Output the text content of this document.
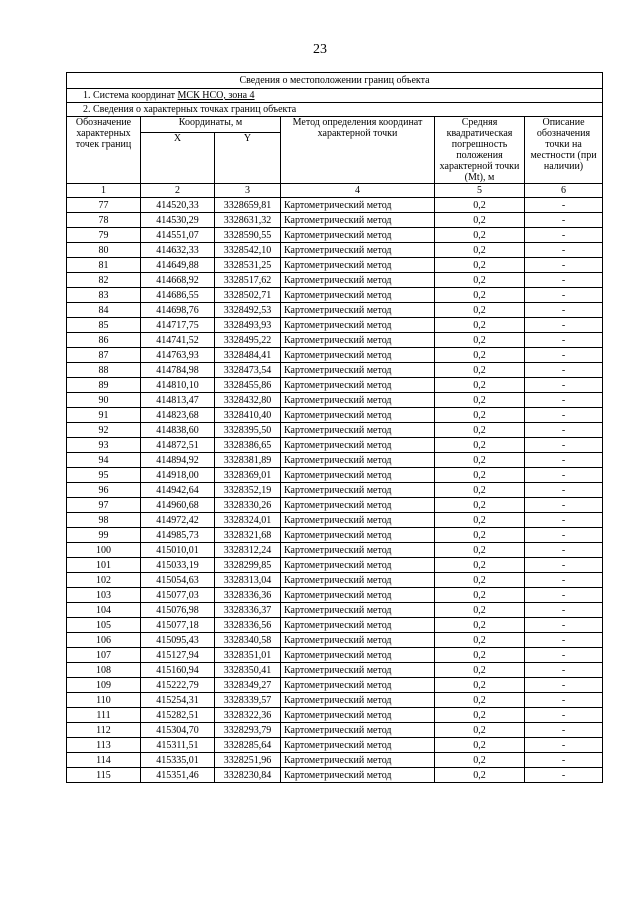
23
Сведения о местоположении границ объекта					
1. Система координат МСК НСО, зона 4					
2. Сведения о характерных точках границ объекта					
Обозначение характерных точек границ	Координаты, м		Метод определения координат характерной точки	Средняя квадратическая погрешность положения характерной точки (Mt), м	Описание обозначения точки на местности (при наличии)
	X	Y			
1	2	3	4	5	6
77	414520,33	3328659,81	Картометрический метод	0,2	-
78	414530,29	3328631,32	Картометрический метод	0,2	-
79	414551,07	3328590,55	Картометрический метод	0,2	-
80	414632,33	3328542,10	Картометрический метод	0,2	-
81	414649,88	3328531,25	Картометрический метод	0,2	-
82	414668,92	3328517,62	Картометрический метод	0,2	-
83	414686,55	3328502,71	Картометрический метод	0,2	-
84	414698,76	3328492,53	Картометрический метод	0,2	-
85	414717,75	3328493,93	Картометрический метод	0,2	-
86	414741,52	3328495,22	Картометрический метод	0,2	-
87	414763,93	3328484,41	Картометрический метод	0,2	-
88	414784,98	3328473,54	Картометрический метод	0,2	-
89	414810,10	3328455,86	Картометрический метод	0,2	-
90	414813,47	3328432,80	Картометрический метод	0,2	-
91	414823,68	3328410,40	Картометрический метод	0,2	-
92	414838,60	3328395,50	Картометрический метод	0,2	-
93	414872,51	3328386,65	Картометрический метод	0,2	-
94	414894,92	3328381,89	Картометрический метод	0,2	-
95	414918,00	3328369,01	Картометрический метод	0,2	-
96	414942,64	3328352,19	Картометрический метод	0,2	-
97	414960,68	3328330,26	Картометрический метод	0,2	-
98	414972,42	3328324,01	Картометрический метод	0,2	-
99	414985,73	3328321,68	Картометрический метод	0,2	-
100	415010,01	3328312,24	Картометрический метод	0,2	-
101	415033,19	3328299,85	Картометрический метод	0,2	-
102	415054,63	3328313,04	Картометрический метод	0,2	-
103	415077,03	3328336,36	Картометрический метод	0,2	-
104	415076,98	3328336,37	Картометрический метод	0,2	-
105	415077,18	3328336,56	Картометрический метод	0,2	-
106	415095,43	3328340,58	Картометрический метод	0,2	-
107	415127,94	3328351,01	Картометрический метод	0,2	-
108	415160,94	3328350,41	Картометрический метод	0,2	-
109	415222,79	3328349,27	Картометрический метод	0,2	-
110	415254,31	3328339,57	Картометрический метод	0,2	-
111	415282,51	3328322,36	Картометрический метод	0,2	-
112	415304,70	3328293,79	Картометрический метод	0,2	-
113	415311,51	3328285,64	Картометрический метод	0,2	-
114	415335,01	3328251,96	Картометрический метод	0,2	-
115	415351,46	3328230,84	Картометрический метод	0,2	-
